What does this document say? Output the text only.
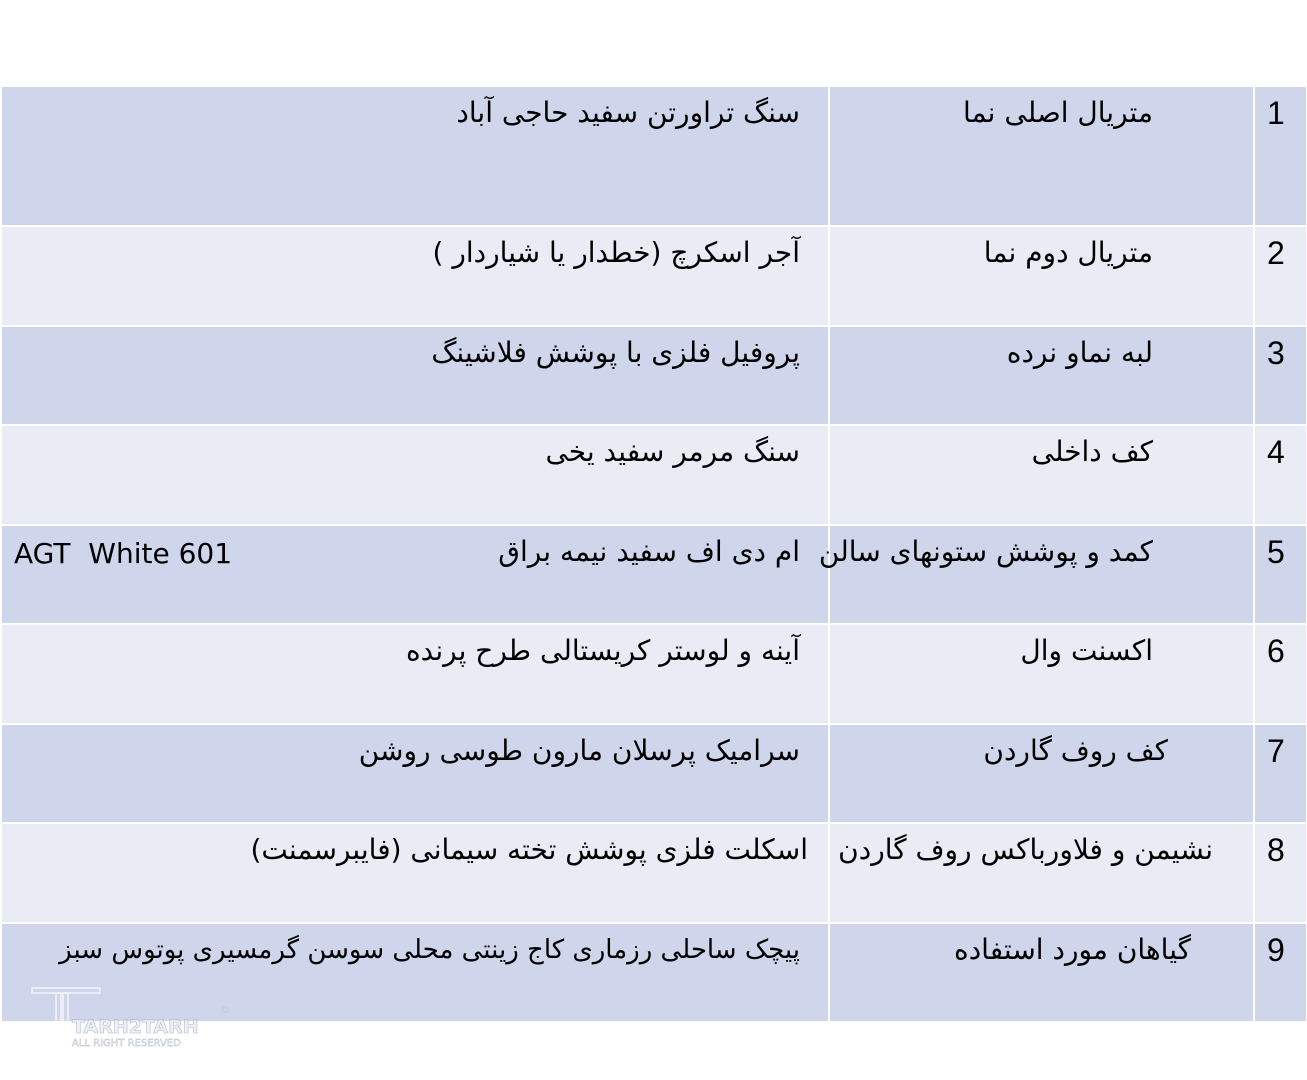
1
متریال اصلی نما
سنگ تراورتن سفید حاجی آباد
2
متریال دوم نما
آجر اسکرچ (خطدار یا شیاردار )
3
لبه نماو نرده
پروفیل فلزی با پوشش فلاشینگ
4
کف داخلی
سنگ مرمر سفید یخی
5
کمد و پوشش ستونهای سالن
ام دی اف سفید نیمه براق
AGT  White 601
6
اکسنت وال
آینه و لوستر کریستالی طرح پرنده
7
کف روف گاردن
سرامیک پرسلان مارون طوسی روشن
8
نشیمن و فلاورباکس روف گاردن
اسکلت فلزی پوشش تخته سیمانی (فایبرسمنت)
9
گیاهان مورد استفاده
پیچک ساحلی رزماری کاج زینتی محلی سوسن گرمسیری پوتوس سبز
TARH2TARH
ALL RIGHT RESERVED
©
